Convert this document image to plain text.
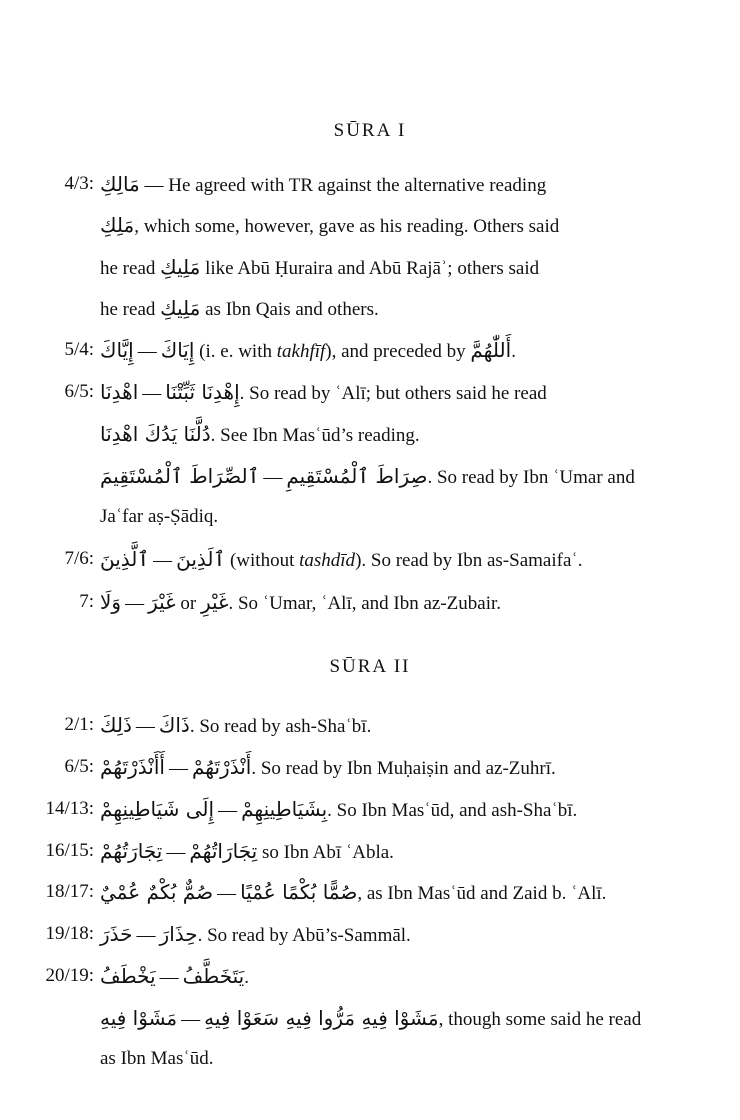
SŪRA I
4/3: مَالِكِ — He agreed with TR against the alternative reading
مَلِكِ, which some, however, gave as his reading. Others said
he read مَلِيكِ like Abū Ḥuraira and Abū Rajāʾ; others said
he read مَلِيكِ as Ibn Qais and others.
5/4: إِيَّاكَ — إِيَاكَ (i. e. with takhfīf), and preceded by أَللّٰهُمَّ.
6/5: اهْدِنَا — إِهْدِنَا ثَبِّتْنَا. So read by ʿAlī; but others said he read
دُلَّنَا يَدُكَ اهْدِنَا. See Ibn Masʿūd’s reading.
ٱلصِّرَاطَ ٱلْمُسْتَقِيمَ — صِرَاطَ ٱلْمُسْتَقِيمِ. So read by Ibn ʿUmar and
Jaʿfar aṣ-Ṣādiq.
7/6: ٱلَّذِينَ — ٱلَذِينَ (without tashdīd). So read by Ibn as-Samaifaʿ.
7: وَلَا — غَيْرَ or غَيْرِ. So ʿUmar, ʿAlī, and Ibn az-Zubair.
SŪRA II
2/1: ذَلِكَ — ذَاكَ. So read by ash-Shaʿbī.
6/5: أَأَنْذَرْتَهُمْ — أَنْذَرْتَهُمْ. So read by Ibn Muḥaiṣin and az-Zuhrī.
14/13: إِلَى شَيَاطِينِهِمْ — بِشَيَاطِينِهِمْ. So Ibn Masʿūd, and ash-Shaʿbī.
16/15: تِجَارَتُهُمْ — تِجَارَاتُهُمْ so Ibn Abī ʿAbla.
18/17: صُمٌّ بُكْمٌ عُمْيٌ — صُمًّا بُكْمًا عُمْيًا, as Ibn Masʿūd and Zaid b. ʿAlī.
19/18: حَذَرَ — حِذَارَ. So read by Abū’s-Sammāl.
20/19: يَخْطَفُ — يَتَخَطَّفُ.
مَشَوْا فِيهِ — مَشَوْا فِيهِ مَرُّوا فِيهِ سَعَوْا فِيهِ, though some said he read
as Ibn Masʿūd.
